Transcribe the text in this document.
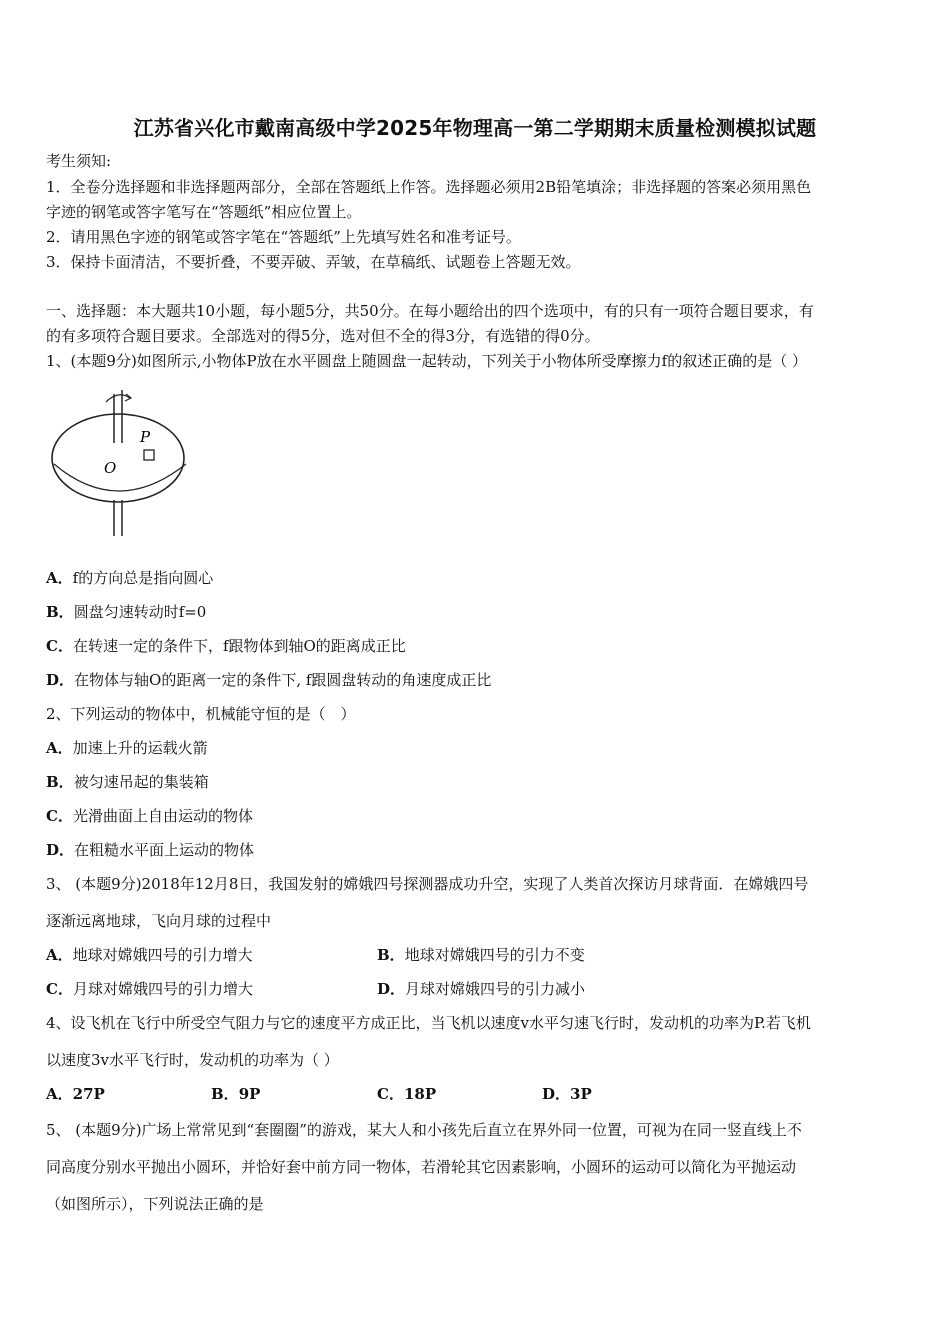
江苏省兴化市戴南高级中学2025年物理高一第二学期期末质量检测模拟试题
考生须知:
1．全卷分选择题和非选择题两部分，全部在答题纸上作答。选择题必须用2B铅笔填涂；非选择题的答案必须用黑色
字迹的钢笔或答字笔写在“答题纸”相应位置上。
2．请用黑色字迹的钢笔或答字笔在“答题纸”上先填写姓名和准考证号。
3．保持卡面清洁，不要折叠，不要弄破、弄皱，在草稿纸、试题卷上答题无效。
一、选择题：本大题共10小题，每小题5分，共50分。在每小题给出的四个选项中，有的只有一项符合题目要求，有
的有多项符合题目要求。全部选对的得5分，选对但不全的得3分，有选错的得0分。
1、(本题9分)如图所示,小物体P放在水平圆盘上随圆盘一起转动，下列关于小物体所受摩擦力f的叙述正确的是（ ）
P
O
A．f的方向总是指向圆心
B．圆盘匀速转动时f=0
C．在转速一定的条件下，f跟物体到轴O的距离成正比
D．在物体与轴O的距离一定的条件下, f跟圆盘转动的角速度成正比
2、下列运动的物体中，机械能守恒的是（　）
A．加速上升的运载火箭
B．被匀速吊起的集装箱
C．光滑曲面上自由运动的物体
D．在粗糙水平面上运动的物体
3、 (本题9分)2018年12月8日，我国发射的嫦娥四号探测器成功升空，实现了人类首次探访月球背面．在嫦娥四号
逐渐远离地球，飞向月球的过程中
A．地球对嫦娥四号的引力增大	B．地球对嫦娥四号的引力不变
C．月球对嫦娥四号的引力增大	D．月球对嫦娥四号的引力减小
4、设飞机在飞行中所受空气阻力与它的速度平方成正比，当飞机以速度v水平匀速飞行时，发动机的功率为P.若飞机
以速度3v水平飞行时，发动机的功率为（ ）
A．27P	B．9P	C．18P	D．3P
5、 (本题9分)广场上常常见到“套圈圈”的游戏，某大人和小孩先后直立在界外同一位置，可视为在同一竖直线上不
同高度分别水平抛出小圆环，并恰好套中前方同一物体，若滑轮其它因素影响，小圆环的运动可以简化为平抛运动
（如图所示），下列说法正确的是
